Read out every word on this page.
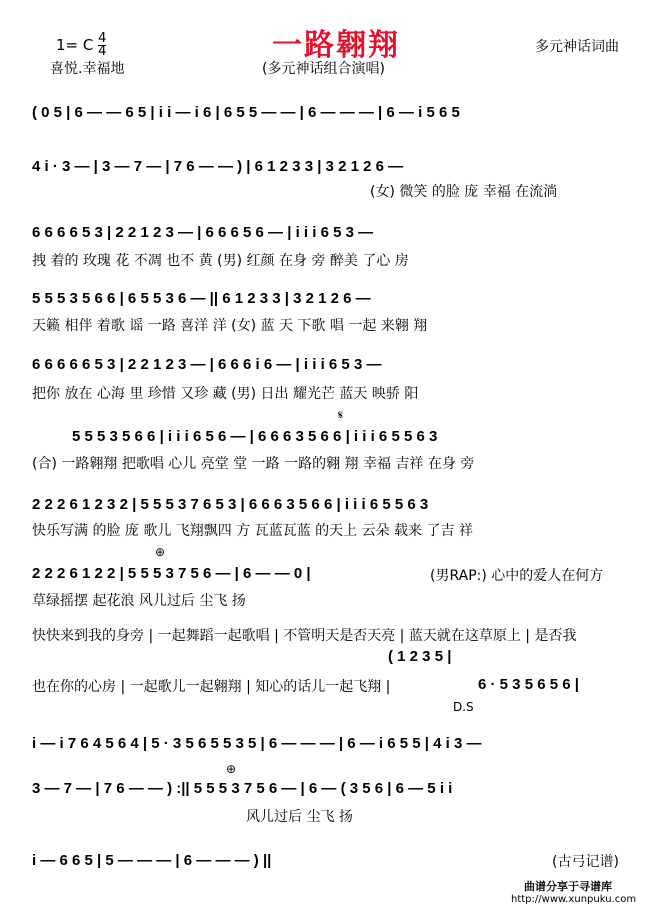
一路翱翔
1= C $\frac{4}{4}$	多元神话词曲
喜悦.幸福地	(多元神话组合演唱)
( 0 5 | 6 — — 6 5 | i i — i 6 | 6 5 5 — — | 6 — — — | 6 — i 5 6 5
4 i · 3 — | 3 — 7 — | 7 6 — — ) | 6 1 2 3 3 | 3 2 1 2 6 —
(女) 微笑 的脸 庞 幸福 在流淌
6 6 6 6 5 3 | 2 2 1 2 3 — | 6 6 6 5 6 — | i i i 6 5 3 —
拽 着的 玫瑰 花 不凋 也不 黄 (男) 红颜 在身 旁 醉美 了心 房
5 5 5 3 5 6 6 | 6 5 5 3 6 — || 6 1 2 3 3 | 3 2 1 2 6 —
天籁 相伴 着歌 谣 一路 喜洋 洋 (女) 蓝 天 下歌 唱 一起 来翱 翔
6 6 6 6 6 5 3 | 2 2 1 2 3 — | 6 6 6 i 6 — | i i i 6 5 3 —
把你 放在 心海 里 珍惜 又珍 藏 (男) 日出 耀光芒 蓝天 映骄 阳
𝄋
5 5 5 3 5 6 6 | i i i 6 5 6 — | 6 6 6 3 5 6 6 | i i i 6 5 5 6 3
(合) 一路翱翔 把歌唱 心儿 亮堂 堂 一路 一路的翱 翔 幸福 吉祥 在身 旁
2 2 2 6 1 2 3 2 | 5 5 5 3 7 6 5 3 | 6 6 6 3 5 6 6 | i i i 6 5 5 6 3
快乐写满 的脸 庞 歌儿 飞翔飘四 方 瓦蓝瓦蓝 的天上 云朵 载来 了吉 祥
⊕
2 2 2 6 1 2 2 | 5 5 5 3 7 5 6 — | 6 — — 0 |	(男RAP:) 心中的爱人在何方
草绿摇摆 起花浪 风儿过后 尘飞 扬
快快来到我的身旁 | 一起舞蹈一起歌唱 | 不管明天是否天亮 | 蓝天就在这草原上 | 是否我
( 1 2 3 5 |
也在你的心房 | 一起歌儿一起翱翔 | 知心的话儿一起飞翔 |	6 · 5 3 5 6 5 6 |
D.S
i — i 7 6 4 5 6 4 | 5 · 3 5 6 5 5 3 5 | 6 — — — | 6 — i 6 5 5 | 4 i 3 —
⊕
3 — 7 — | 7 6 — — ) :|| 5 5 5 3 7 5 6 — | 6 — ( 3 5 6 | 6 — 5 i i
风儿过后 尘飞 扬
i — 6 6 5 | 5 — — — | 6 — — — ) ||	(古弓记谱)
曲谱分享于寻谱库
http://www.xunpuku.com
